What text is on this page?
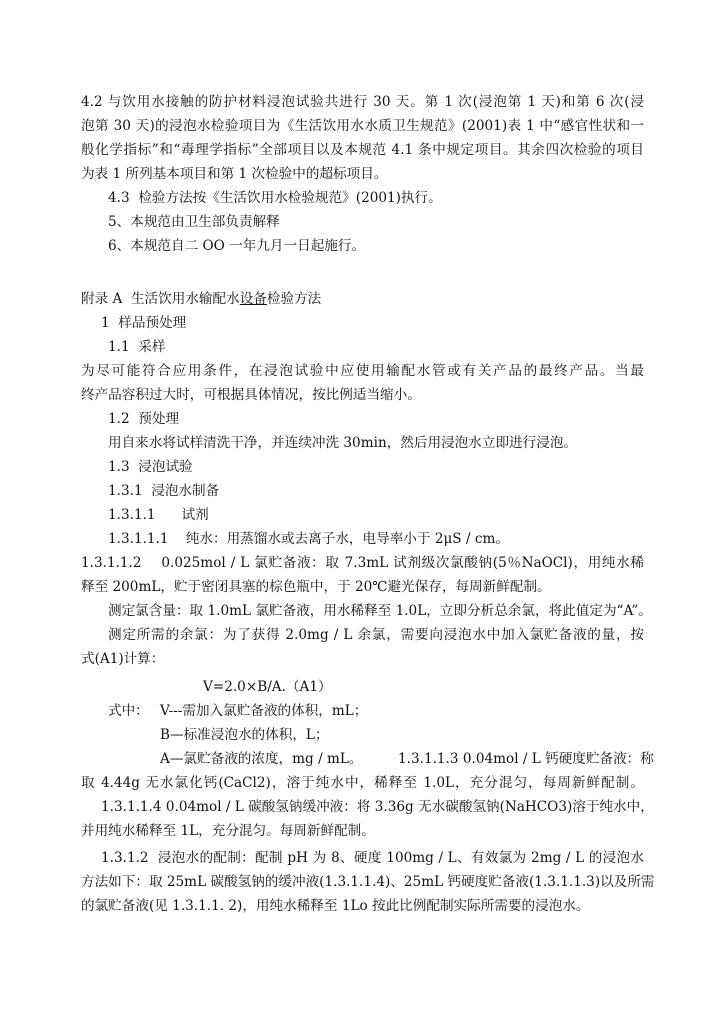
4.2 与饮用水接触的防护材料浸泡试验共进行 30 天。第 1 次(浸泡第 1 天)和第 6 次(浸

泡第 30 天)的浸泡水检验项目为《生活饮用水水质卫生规范》(2001)表 1 中“感官性状和一

般化学指标”和“毒理学指标”全部项目以及本规范 4.1 条中规定项目。其余四次检验的项目

为表 1 所列基本项目和第 1 次检验中的超标项目。

4.3  检验方法按《生活饮用水检验规范》(2001)执行。

5、本规范由卫生部负责解释

6、本规范自二 OO 一年九月一日起施行。

附录 A  生活饮用水输配水设备检验方法

1  样品预处理

1.1  采样

为尽可能符合应用条件，在浸泡试验中应使用输配水管或有关产品的最终产品。当最

终产品容积过大时，可根据具体情况，按比例适当缩小。

1.2  预处理

用自来水将试样清洗干净，并连续冲洗 30min，然后用浸泡水立即进行浸泡。

1.3  浸泡试验

1.3.1  浸泡水制备

1.3.1.1      试剂

1.3.1.1.1    纯水：用蒸馏水或去离子水，电导率小于 2μS / cm。

1.3.1.1.2    0.025mol / L 氯贮备液：取 7.3mL 试剂级次氯酸钠(5％NaOCl)，用纯水稀

释至 200mL，贮于密闭具塞的棕色瓶中，于 20℃避光保存，每周新鲜配制。

测定氯含量：取 1.0mL 氯贮备液，用水稀释至 1.0L，立即分析总余氯，将此值定为“A”。

测定所需的余氯：为了获得 2.0mg / L 余氯，需要向浸泡水中加入氯贮备液的量，按

式(A1)计算：

V=2.0×B/A.（A1）

式中： V---需加入氯贮备液的体积，mL；

B—标准浸泡水的体积，L；

A—氯贮备液的浓度，mg / mL。	1.3.1.1.3 0.04mol / L 钙硬度贮备液：称

取 4.44g 无水氯化钙(CaCl2)，溶于纯水中，稀释至 1.0L，充分混匀，每周新鲜配制。

1.3.1.1.4 0.04mol / L 碳酸氢钠缓冲液：将 3.36g 无水碳酸氢钠(NaHCO3)溶于纯水中，

并用纯水稀释至 1L，充分混匀。每周新鲜配制。

1.3.1.2  浸泡水的配制：配制 pH 为 8、硬度 100mg / L、有效氯为 2mg / L 的浸泡水

方法如下：取 25mL 碳酸氢钠的缓冲液(1.3.1.1.4)、25mL 钙硬度贮备液(1.3.1.1.3)以及所需

的氯贮备液(见 1.3.1.1. 2)，用纯水稀释至 1Lo 按此比例配制实际所需要的浸泡水。
